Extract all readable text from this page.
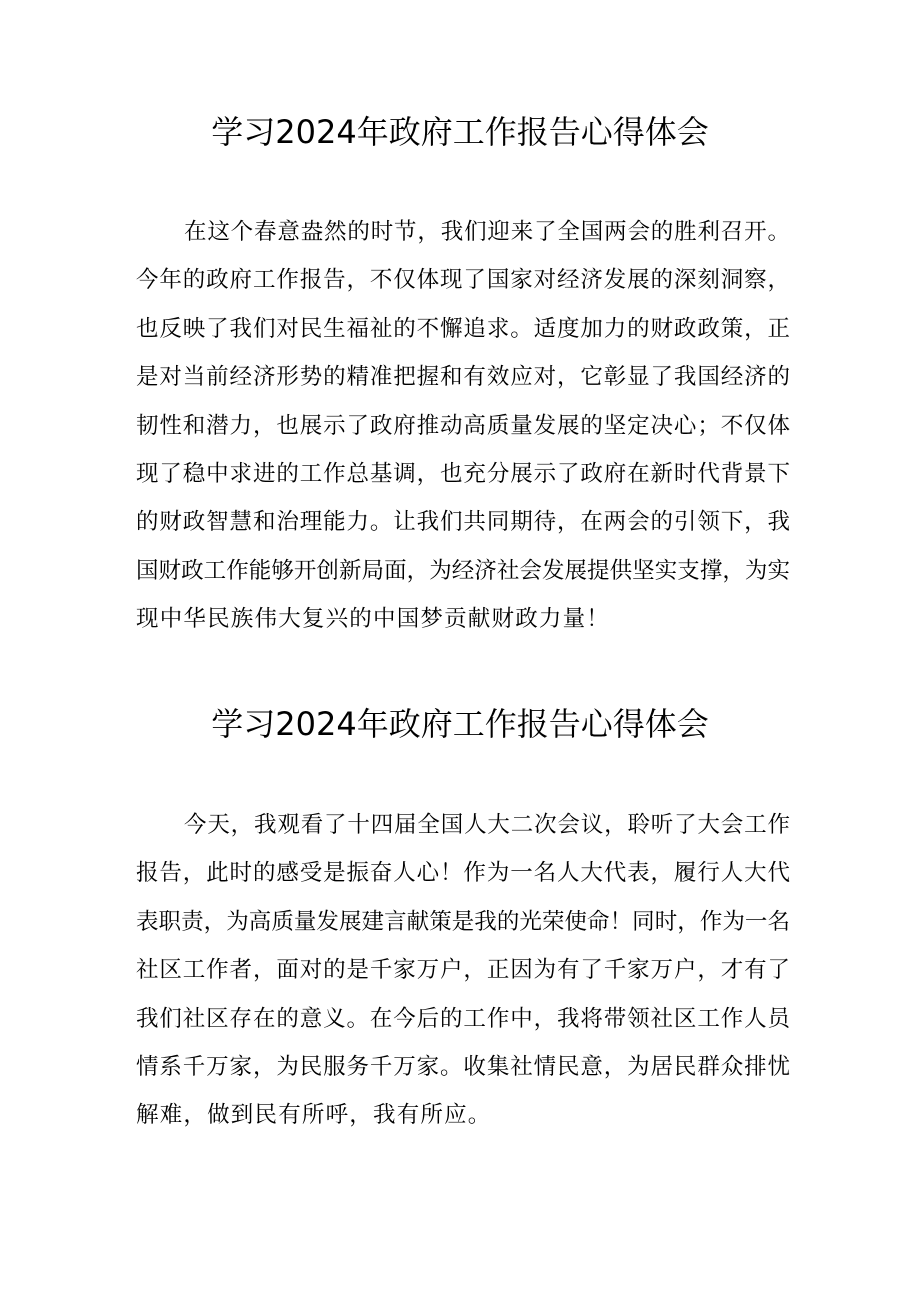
学习2024年政府工作报告心得体会
在这个春意盎然的时节，我们迎来了全国两会的胜利召开。
今年的政府工作报告，不仅体现了国家对经济发展的深刻洞察，
也反映了我们对民生福祉的不懈追求。适度加力的财政政策，正
是对当前经济形势的精准把握和有效应对，它彰显了我国经济的
韧性和潜力，也展示了政府推动高质量发展的坚定决心；不仅体
现了稳中求进的工作总基调，也充分展示了政府在新时代背景下
的财政智慧和治理能力。让我们共同期待，在两会的引领下，我
国财政工作能够开创新局面，为经济社会发展提供坚实支撑，为实
现中华民族伟大复兴的中国梦贡献财政力量！
学习2024年政府工作报告心得体会
今天，我观看了十四届全国人大二次会议，聆听了大会工作
报告，此时的感受是振奋人心！作为一名人大代表，履行人大代
表职责，为高质量发展建言献策是我的光荣使命！同时，作为一名
社区工作者，面对的是千家万户，正因为有了千家万户，才有了
我们社区存在的意义。在今后的工作中，我将带领社区工作人员
情系千万家，为民服务千万家。收集社情民意，为居民群众排忧
解难，做到民有所呼，我有所应。
